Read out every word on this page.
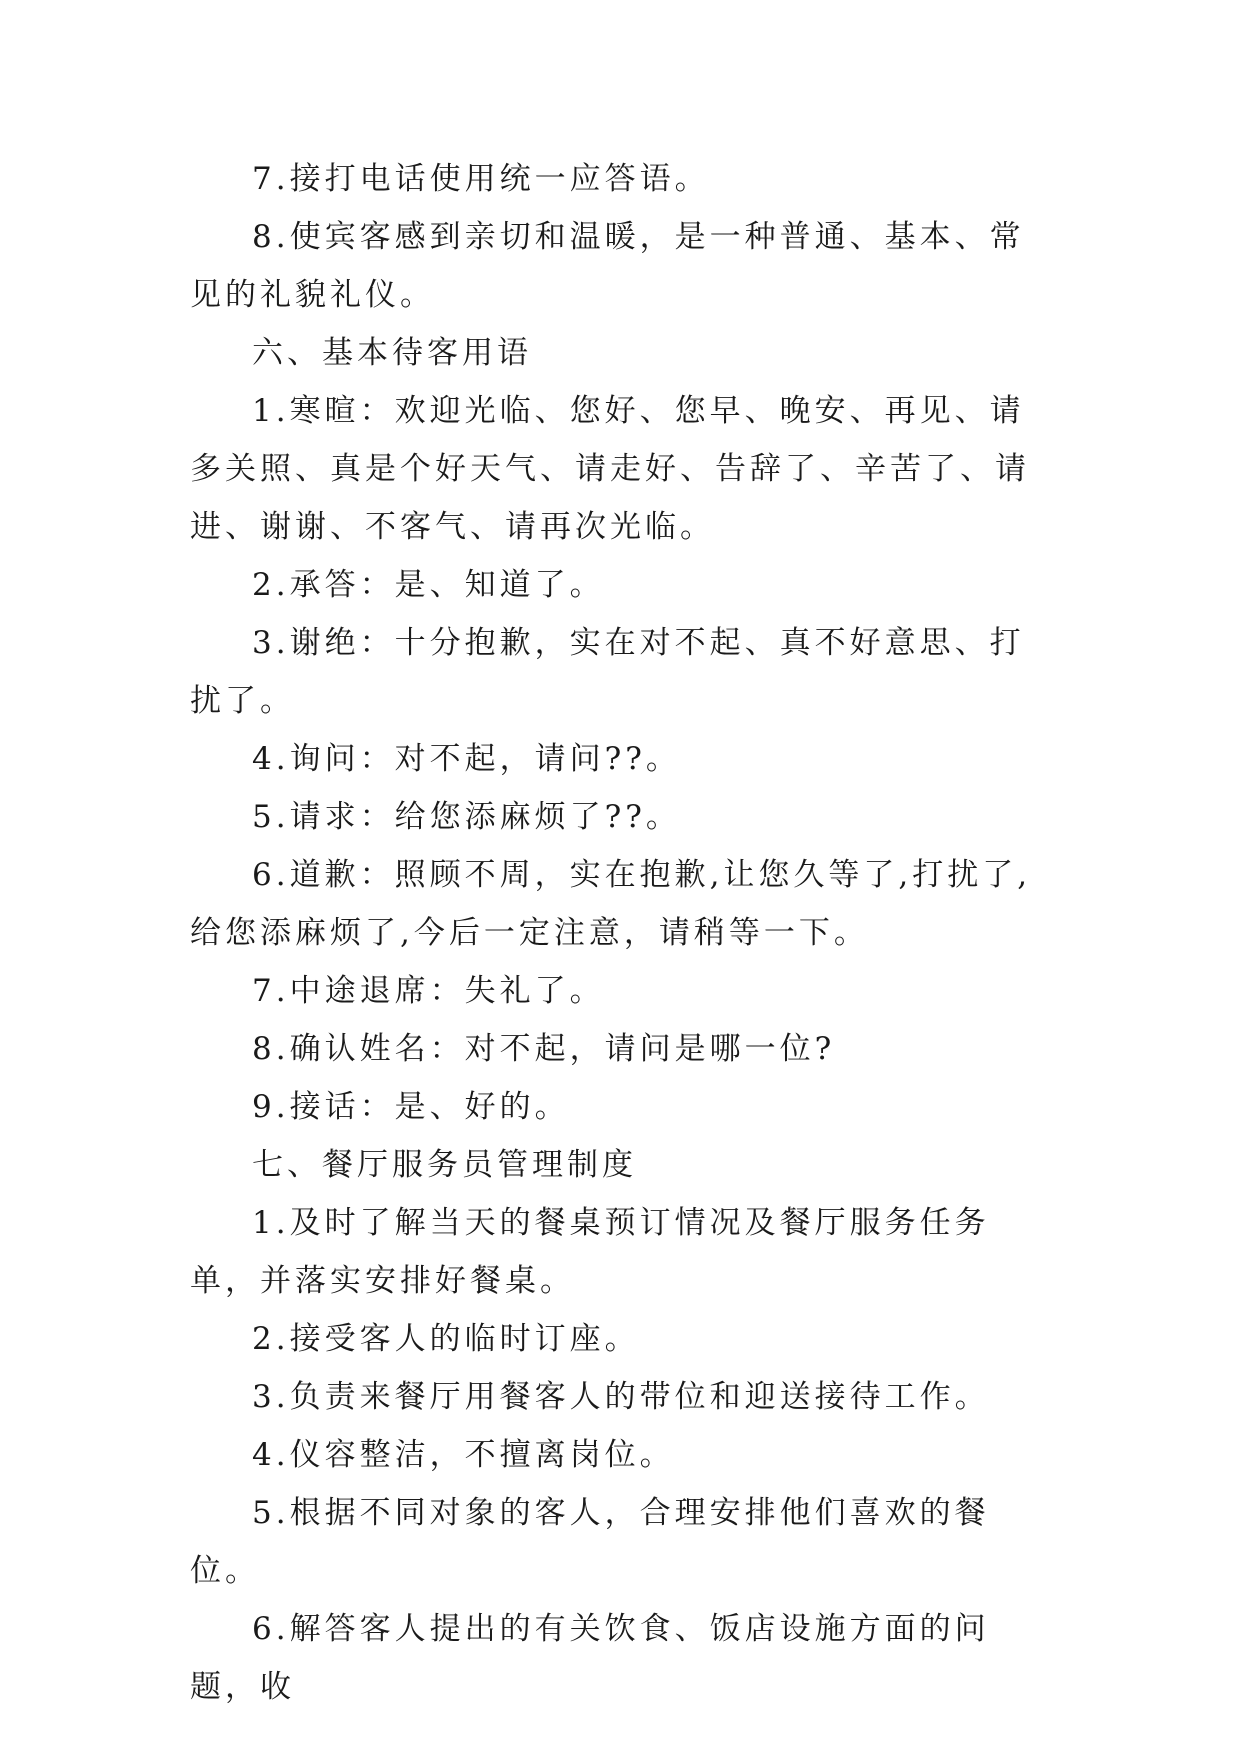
7.接打电话使用统一应答语。

8.使宾客感到亲切和温暖，是一种普通、基本、常见的礼貌礼仪。

六、基本待客用语

1.寒暄：欢迎光临、您好、您早、晚安、再见、请多关照、真是个好天气、请走好、告辞了、辛苦了、请进、谢谢、不客气、请再次光临。

2.承答：是、知道了。

3.谢绝：十分抱歉，实在对不起、真不好意思、打扰了。

4.询问：对不起，请问??。

5.请求：给您添麻烦了??。

6.道歉：照顾不周，实在抱歉,让您久等了,打扰了,给您添麻烦了,今后一定注意，请稍等一下。

7.中途退席：失礼了。

8.确认姓名：对不起，请问是哪一位?

9.接话：是、好的。

七、餐厅服务员管理制度

1.及时了解当天的餐桌预订情况及餐厅服务任务单，并落实安排好餐桌。

2.接受客人的临时订座。

3.负责来餐厅用餐客人的带位和迎送接待工作。

4.仪容整洁，不擅离岗位。

5.根据不同对象的客人，合理安排他们喜欢的餐位。

6.解答客人提出的有关饮食、饭店设施方面的问题，收
